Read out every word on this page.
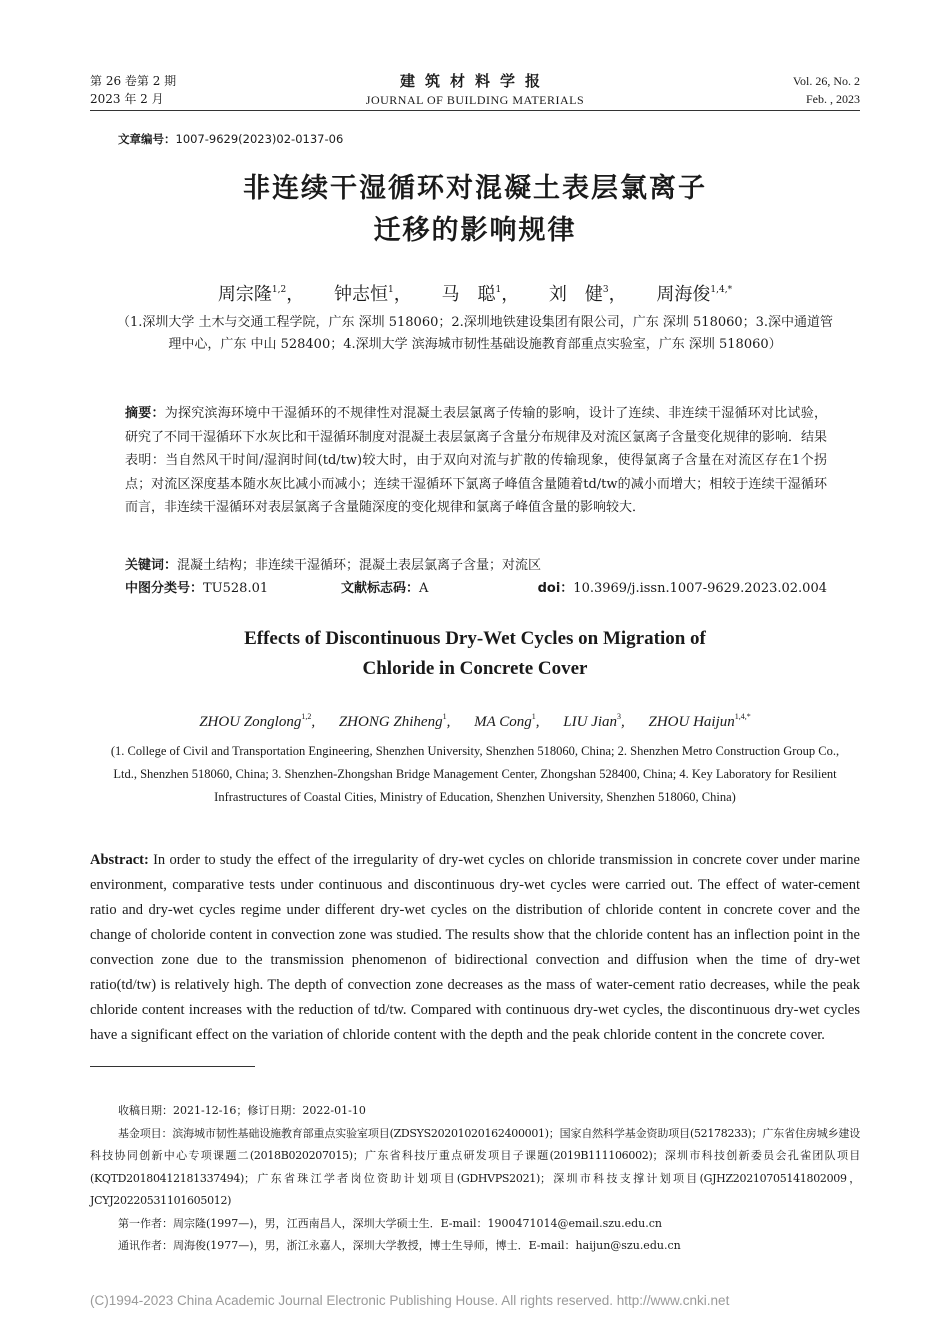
第 26 卷第 2 期
2023 年 2 月
建筑材料学报
JOURNAL OF BUILDING MATERIALS
Vol. 26, No. 2
Feb. , 2023
文章编号：1007-9629(2023)02-0137-06
非连续干湿循环对混凝土表层氯离子
迁移的影响规律
周宗隆$^{1,2}$， 钟志恒$^1$， 马　聪$^1$， 刘　健$^3$， 周海俊$^{1,4,*}$
（1.深圳大学 土木与交通工程学院，广东 深圳 518060；2.深圳地铁建设集团有限公司，广东 深圳 518060；3.深中通道管理中心，广东 中山 528400；4.深圳大学 滨海城市韧性基础设施教育部重点实验室，广东 深圳 518060）
摘要：为探究滨海环境中干湿循环的不规律性对混凝土表层氯离子传输的影响，设计了连续、非连续干湿循环对比试验，研究了不同干湿循环下水灰比和干湿循环制度对混凝土表层氯离子含量分布规律及对流区氯离子含量变化规律的影响．结果表明：当自然风干时间/湿润时间(td/tw)较大时，由于双向对流与扩散的传输现象，使得氯离子含量在对流区存在1个拐点；对流区深度基本随水灰比减小而减小；连续干湿循环下氯离子峰值含量随着td/tw的减小而增大；相较于连续干湿循环而言，非连续干湿循环对表层氯离子含量随深度的变化规律和氯离子峰值含量的影响较大．
关键词：混凝土结构；非连续干湿循环；混凝土表层氯离子含量；对流区
中图分类号：TU528.01	文献标志码：A	doi：10.3969/j.issn.1007-9629.2023.02.004
Effects of Discontinuous Dry-Wet Cycles on Migration of
Chloride in Concrete Cover
ZHOU Zonglong$^{1,2}$, ZHONG Zhiheng$^1$, MA Cong$^1$, LIU Jian$^3$, ZHOU Haijun$^{1,4,*}$
(1. College of Civil and Transportation Engineering, Shenzhen University, Shenzhen 518060, China; 2. Shenzhen Metro Construction Group Co., Ltd., Shenzhen 518060, China; 3. Shenzhen-Zhongshan Bridge Management Center, Zhongshan 528400, China; 4. Key Laboratory for Resilient Infrastructures of Coastal Cities, Ministry of Education, Shenzhen University, Shenzhen 518060, China)
Abstract: In order to study the effect of the irregularity of dry-wet cycles on chloride transmission in concrete cover under marine environment, comparative tests under continuous and discontinuous dry-wet cycles were carried out. The effect of water-cement ratio and dry-wet cycles regime under different dry-wet cycles on the distribution of chloride content in concrete cover and the change of choloride content in convection zone was studied. The results show that the chloride content has an inflection point in the convection zone due to the transmission phenomenon of bidirectional convection and diffusion when the time of dry-wet ratio(td/tw) is relatively high. The depth of convection zone decreases as the mass of water-cement ratio decreases, while the peak chloride content increases with the reduction of td/tw. Compared with continuous dry-wet cycles, the discontinuous dry-wet cycles have a significant effect on the variation of chloride content with the depth and the peak chloride content in the concrete cover.

收稿日期：2021-12-16；修订日期：2022-01-10

基金项目：滨海城市韧性基础设施教育部重点实验室项目(ZDSYS20201020162400001)；国家自然科学基金资助项目(52178233)；广东省住房城乡建设科技协同创新中心专项课题二(2018B020207015)；广东省科技厅重点研发项目子课题(2019B111106002)；深圳市科技创新委员会孔雀团队项目(KQTD20180412181337494)；广东省珠江学者岗位资助计划项目(GDHVPS2021)；深圳市科技支撑计划项目(GJHZ20210705141802009，JCYJ20220531101605012)

第一作者：周宗隆(1997—)，男，江西南昌人，深圳大学硕士生．E-mail：1900471014@email.szu.edu.cn

通讯作者：周海俊(1977—)，男，浙江永嘉人，深圳大学教授，博士生导师，博士．E-mail：haijun@szu.edu.cn

(C)1994-2023 China Academic Journal Electronic Publishing House. All rights reserved. http://www.cnki.net
